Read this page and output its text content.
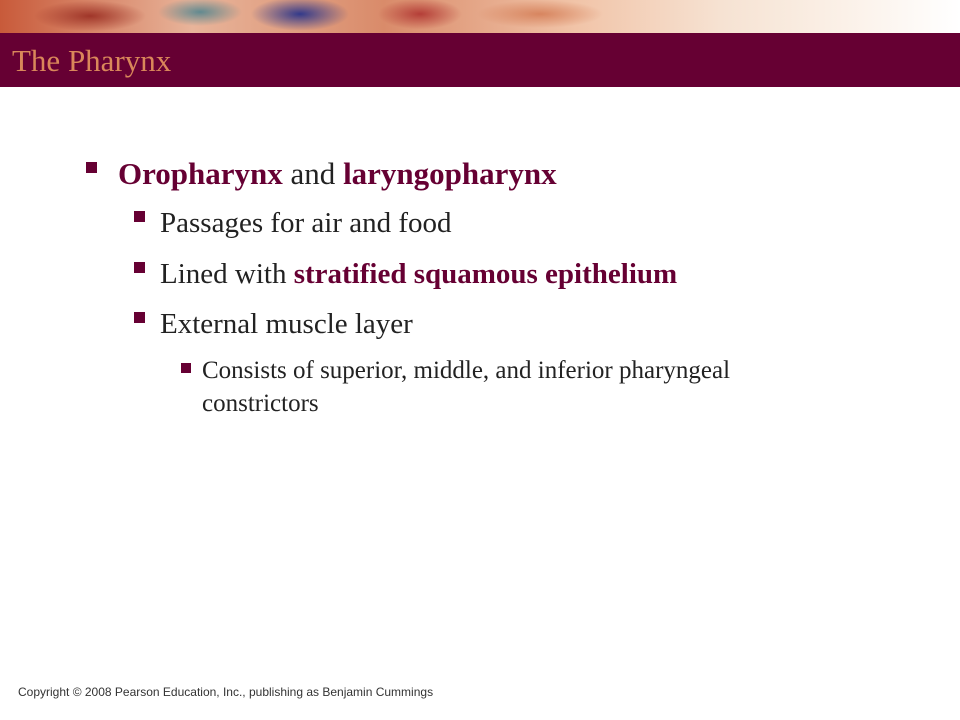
The Pharynx
Oropharynx and laryngopharynx
Passages for air and food
Lined with stratified squamous epithelium
External muscle layer
Consists of superior, middle, and inferior pharyngeal
constrictors
Copyright © 2008 Pearson Education, Inc., publishing as Benjamin Cummings
